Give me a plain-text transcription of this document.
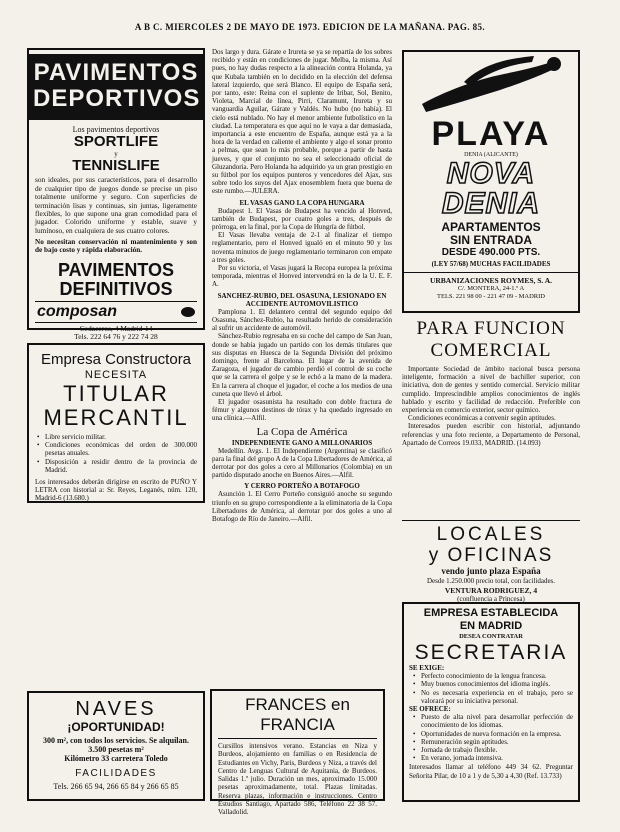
A B C. MIERCOLES 2 DE MAYO DE 1973. EDICION DE LA MAÑANA. PAG. 85.
PAVIMENTOS
DEPORTIVOS
Los pavimentos deportivos
SPORTLIFE
y
TENNISLIFE
son ideales, por sus característicos, para el desarrollo de cualquier tipo de juegos donde se precise un piso totalmente uniforme y seguro. Con superficies de terminación lisas y continuas, sin juntas, ligeramente flexibles, lo que supone una gran comodidad para el jugador. Colorido uniforme y estable, suave y lumínoso, en cualquiera de sus cuatro colores.
No necesitan conservación ni mantenimiento y son de bajo costo y rápida elaboración.
PAVIMENTOS
DEFINITIVOS
composan
Cedaceros, 4 Madrid-14
Tels. 222 64 76 y 222 74 28
Empresa Constructora
NECESITA
TITULAR
MERCANTIL
• Libre servicio militar.
• Condiciones económicas del orden de 300.000 pesetas anuales.
• Disposición a residir dentro de la provincia de Madrid.
Los interesados deberán dirigirse en escrito de PUÑO Y LETRA con historial a: Sr. Reyes, Leganés, núm. 120, Madrid-6 (13.680.)
NAVES
¡OPORTUNIDAD!
300 m², con todos los servicios. Se alquilan. 3.500 pesetas m²
Kilómetro 33 carretera Toledo
FACILIDADES
Tels. 266 65 94, 266 65 84 y 266 65 85

Dos largo y dura. Gárate e Irureta se ya se repartía de los sobres recibido y están en condiciones de jugar. Melba, la misma. Así pues, no hay dudas respecto a la alineación contra Holanda, ya que Kubala también en lo decidido en la elección del defensa lateral izquierdo, que será Blanco. El equipo de España será, por tanto, este: Reina con el suplente de Iribar, Sol, Benito, Violeta, Marcial de línea, Pirri, Claramunt, Irureta y su vanguardia Aguilar, Gárate y Valdés. No hubo (no había). El cielo está nublado. No hay el menor ambiente futbolístico en la ciudad. La temperatura es que aquí no le vaya a dar demasiada, importancia a este encuentro de España, aunque está ya a la hora de la verdad en caliente el ambiente y algo el sonar pronto a pelmas, que sean lo más probable, porque a partir de hasta jueves, y que el conjunto no sea el seleccionado oficial de Gluzandoria. Pero Holanda ha adquirido ya un gran prestigio en su fútbol por los equipos punteros y vencedores del Ajax, sus sobre todo los suyos del Ajax enosemblem fuera que buena de este rumbo.—JULERA.

EL VASAS GANO LA COPA HUNGARA

Budapest 1. El Vasas de Budapest ha vencido al Honved, también de Budapest, por cuatro goles a tres, después de prórroga, en la final, por la Copa de Hungría de fútbol.

El Vasas llevaba ventaja de 2-1 al finalizar el tiempo reglamentario, pero el Honved igualó en el minuto 90 y los noventa minutos de juego reglamentario terminaron con empate a tres goles.

Por su victoria, el Vasas jugará la Recopa europea la próxima temporada, mientras el Honved intervendrá en la de la U. E. F. A.

SANCHEZ-RUBIO, DEL OSASUNA, LESIONADO EN ACCIDENTE AUTOMOVILISTICO

Pamplona 1. El delantero central del segundo equipo del Osasuna, Sánchez-Rubio, ha resultado herido de consideración al sufrir un accidente de automóvil.

Sánchez-Rubio regresaba en su coche del campo de San Juan, donde se había jugado un partido con los demás titulares que sus disputas en Huesca de la Segunda División del próximo domingo, frente al Barcelona. El lugar de la avenida de Zaragoza, el jugador de cambio perdió el control de su coche que se la carrera el golpe y se le echó a la mano de la madera. En la carrera al choque el jugador, el coche a los medios de una cuneta que llevó el árbol.

El jugador osasunista ha resultado con doble fractura de fémur y algunos destinos de tórax y ha quedado ingresado en una clínica.—Alfil.

La Copa de América
INDEPENDIENTE GANO A MILLONARIOS

Medellín. Avgs. 1. El Independiente (Argentina) se clasificó para la final del grupo A de la Copa Libertadores de América, al derrotar por dos goles a cero al Millonarios (Colombia) en un partido disputado anoche en Buenos Aires.—Alfil.

Y CERRO PORTEÑO A BOTAFOGO

Asunción 1. El Cerro Porteño consiguió anoche su segundo triunfo en su grupo correspondiente a la eliminatoria de la Copa Libertadores de América, al derrotar por dos goles a uno al Botafogo de Río de Janeiro.—Alfil.

FRANCES en FRANCIA
Cursillos intensivos verano. Estancias en Niza y Burdeos, alojamiento en familias o en Residencia de Estudiantes en Vichy, Paris, Burdeos y Niza, a través del Centro de Lenguas Cultural de Aquitania, de Burdeos. Salidas 1.º julio. Duración un mes, aproximado 15.000 pesetas aproximadamente, total. Plazas limitadas. Reserva plazas, información e instrucciones. Centro Estudios Santiago, Apartado 586, Teléfono 22 38 57. Valladolid.
PLAYA
DENIA (ALICANTE)
NOVA
DENIA
APARTAMENTOS
SIN ENTRADA
DESDE 490.000 PTS.
(LEY 57/68) MUCHAS FACILIDADES
URBANIZACIONES ROYMES, S. A.
C/. MONTERA, 24-1.º A
TELS. 221 98 00 - 221 47 09 - MADRID
PARA FUNCION
COMERCIAL

Importante Sociedad de ámbito nacional busca persona inteligente, formación a nivel de bachiller superior, con iniciativa, don de gentes y sentido comercial. Servicio militar cumplido. Imprescindible amplios conocimientos de inglés hablado y escrito y facilidad de redacción. Preferible con experiencia en comercio exterior, sector químico.

Condiciones económicas a convenir según aptitudes.

Interesados pueden escribir con historial, adjuntando referencias y una foto reciente, a Departamento de Personal, Apartado de Correos 19.033, MADRID. (14.093)

LOCALES
y OFICINAS
vendo junto plaza España
Desde 1.250.000 precio total, con facilidades.
VENTURA RODRIGUEZ, 4
(confluencia a Princesa)
EMPRESA ESTABLECIDA
EN MADRID
DESEA CONTRATAR
SECRETARIA
SE EXIGE:
• Perfecto conocimiento de la lengua francesa.
• Muy buenos conocimientos del idioma inglés.
• No es necesaria experiencia en el trabajo, pero se valorará por su iniciativa personal.
SE OFRECE:
• Puesto de alta nivel para desarrollar perfección de conocimiento de los idiomas.
• Oportunidades de nueva formación en la empresa.
• Remuneración según aptitudes.
• Jornada de trabajo flexible.
• En verano, jornada intensiva.
Interesados llamar al teléfono 449 34 62. Preguntar Señorita Pilar, de 10 a 1 y de 5,30 a 4,30 (Ref. 13.733)
